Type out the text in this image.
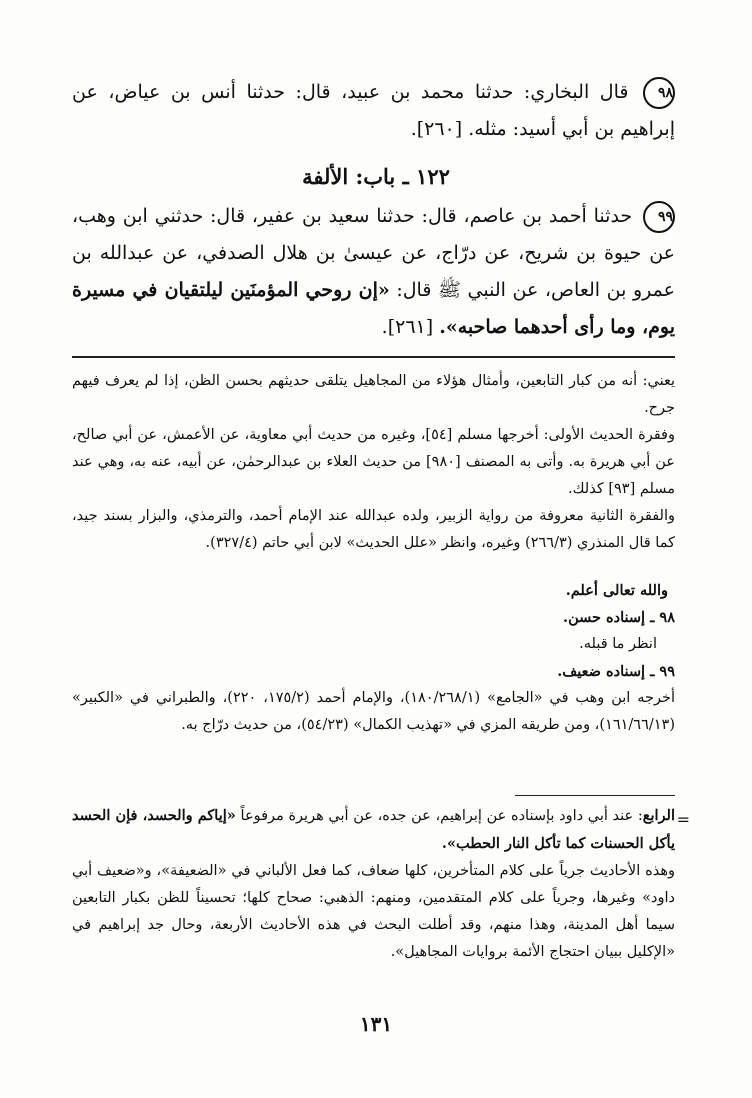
٩٨ قال البخاري: حدثنا محمد بن عبيد، قال: حدثنا أنس بن عياض، عن إبراهيم بن أبي أسيد: مثله. [٢٦٠].
١٢٢ ـ باب: الألفة
٩٩ حدثنا أحمد بن عاصم، قال: حدثنا سعيد بن عفير، قال: حدثني ابن وهب، عن حيوة بن شريح، عن درّاج، عن عيسىٰ بن هلال الصدفي، عن عبدالله بن عمرو بن العاص، عن النبي ﷺ قال: «إن روحي المؤمنَين ليلتقيان في مسيرة يوم، وما رأى أحدهما صاحبه». [٢٦١].
يعني: أنه من كبار التابعين، وأمثال هؤلاء من المجاهيل يتلقى حديثهم بحسن الظن، إذا لم يعرف فيهم جرح.
وفقرة الحديث الأولى: أخرجها مسلم [٥٤]، وغيره من حديث أبي معاوية، عن الأعمش، عن أبي صالح، عن أبي هريرة به. وأتى به المصنف [٩٨٠] من حديث العلاء بن عبدالرحمٰن، عن أبيه، عنه به، وهي عند مسلم [٩٣] كذلك.
والفقرة الثانية معروفة من رواية الزبير، ولده عبدالله عند الإمام أحمد، والترمذي، والبزار بسند جيد، كما قال المنذري (٢٦٦/٣) وغيره، وانظر «علل الحديث» لابن أبي حاتم (٣٢٧/٤).
والله تعالى أعلم.
٩٨ ـ إسناده حسن.
انظر ما قبله.
٩٩ ـ إسناده ضعيف.
أخرجه ابن وهب في «الجامع» (١٨٠/٢٦٨/١)، والإمام أحمد (١٧٥/٢، ٢٢٠)، والطبراني في «الكبير» (١٦١/٦٦/١٣)، ومن طريقه المزي في «تهذيب الكمال» (٥٤/٢٣)، من حديث درّاج به.
=
الرابع: عند أبي داود بإسناده عن إبراهيم، عن جده، عن أبي هريرة مرفوعاً «إياكم والحسد، فإن الحسد يأكل الحسنات كما تأكل النار الحطب».
وهذه الأحاديث جرياً على كلام المتأخرين، كلها ضعاف، كما فعل الألباني في «الضعيفة»، و«ضعيف أبي داود» وغيرها، وجرياً على كلام المتقدمين، ومنهم: الذهبي: صحاح كلها؛ تحسيناً للظن بكبار التابعين سيما أهل المدينة، وهذا منهم، وقد أطلت البحث في هذه الأحاديث الأربعة، وحال جد إبراهيم في «الإكليل ببيان احتجاج الأئمة بروايات المجاهيل».
١٣١
